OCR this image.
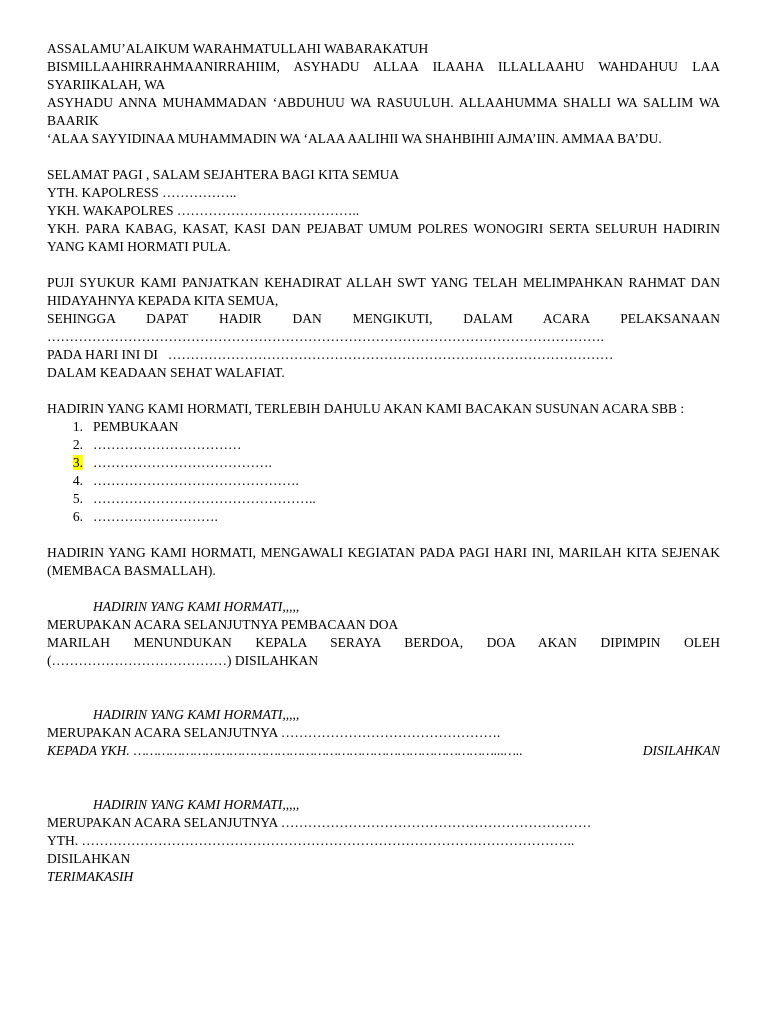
ASSALAMU’ALAIKUM WARAHMATULLAHI WABARAKATUH

BISMILLAAHIRRAHMAANIRRAHIIM, ASYHADU ALLAA ILAAHA ILLALLAAHU WAHDAHUU LAA SYARIIKALAH, WA

ASYHADU ANNA MUHAMMADAN ‘ABDUHUU WA RASUULUH. ALLAAHUMMA SHALLI WA SALLIM WA BAARIK

‘ALAA SAYYIDINAA MUHAMMADIN WA ‘ALAA AALIHII WA SHAHBIHII AJMA’IIN. AMMAA BA’DU.

SELAMAT PAGI , SALAM SEJAHTERA BAGI KITA SEMUA

YTH. KAPOLRESS ……………..

YKH. WAKAPOLRES …………………………………..

YKH. PARA KABAG, KASAT, KASI DAN PEJABAT UMUM POLRES WONOGIRI SERTA SELURUH HADIRIN YANG KAMI HORMATI PULA.

PUJI SYUKUR KAMI PANJATKAN KEHADIRAT ALLAH SWT YANG TELAH MELIMPAHKAN RAHMAT DAN HIDAYAHNYA KEPADA KITA SEMUA,

SEHINGGA DAPAT HADIR DAN MENGIKUTI, DALAM ACARA PELAKSANAAN

…………………………………………………………………………………………………………….

PADA HARI INI DI ………………………………………………………………………………………

DALAM KEADAAN SEHAT WALAFIAT.

HADIRIN YANG KAMI HORMATI, TERLEBIH DAHULU AKAN KAMI BACAKAN SUSUNAN ACARA SBB :

1. PEMBUKAAN
2. ……………………………
3. ………………………………….
4. ……………………………………….
5. …………………………………………..
6. ……………………….

HADIRIN YANG KAMI HORMATI, MENGAWALI KEGIATAN PADA PAGI HARI INI, MARILAH KITA SEJENAK (MEMBACA BASMALLAH).

HADIRIN YANG KAMI HORMATI,,,,,

MERUPAKAN ACARA SELANJUTNYA PEMBACAAN DOA

MARILAH MENUNDUKAN KEPALA SERAYA BERDOA, DOA AKAN DIPIMPIN OLEH (…………………………………) DISILAHKAN

HADIRIN YANG KAMI HORMATI,,,,,

MERUPAKAN ACARA SELANJUTNYA ………………………………………….

KEPADA YKH. ………………………………………………………………………………...…..	DISILAHKAN

HADIRIN YANG KAMI HORMATI,,,,,

MERUPAKAN ACARA SELANJUTNYA ……………………………………………………………

YTH. ………………………………………………………………………………………………..

DISILAHKAN

TERIMAKASIH
